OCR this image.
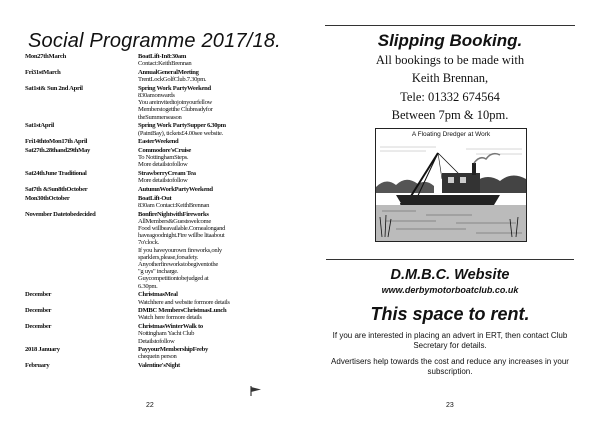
Social Programme 2017/18.
Mon27thMarch	BoatLift-In8:30am
Contact:KeithBrennan
Fri31stMarch	AnnualGeneralMeeting
TrentLockGolfClub.7.30pm.
Sat1st& Sun 2nd April	Spring Work PartyWeekend
830amonwards
You areinvitedtojoinyourfellow
Memberstogetthe Clubreadyfor
theSummerseason
Sat1stApril	Spring Work PartySupper 6.30pm
(PaintBay), tickets£4.00see website.
Fri14thtoMon17th April	EasterWeekend
Sat27th.28thand29thMay	Commodore'sCruise
To NottinghamSteps.
More detailstofollow
Sat24thJune Traditional	StrawberryCream Tea
More detailstofollow
Sat7th &Sun8thOctober	AutumnWorkPartyWeekend
Mon30thOctober	BoatLift-Out
830am Contact:KeithBrennan
November Datetobedecided	BonfireNightwithFireworks
AllMembers&Guestswelcome
Food willbeavailable.Comealongand
haveagoodnight.Fire willbe litaabout
7o'clock.
If you haveyourown fireworks,only
sparklers,please,forsafety.
Anyotherfireworkstobegiventothe
"g uys" incharge.
Guycompetitiontobejudged at
6.30pm.
December	ChristmasMeal
Watchhere and website formore details
December	DMBC MembersChristmasLunch
Watch here formore details
December	ChristmasWinterWalk to
Nottingham Yacht Club
Detailstofollow
2018 January	PayyourMembershipFeeby
chequein person
February	Valentine'sNight
22
Slipping Booking.
All bookings to be made with
Keith Brennan,
Tele: 01332 674564
Between 7pm & 10pm.
A Floating Dredger at Work
D.M.B.C. Website
www.derbymotorboatclub.co.uk
This space to rent.
If you are interested in placing an advert in ERT, then contact Club Secretary for details.
Advertisers help towards the cost and reduce any increases in your subscription.
23
